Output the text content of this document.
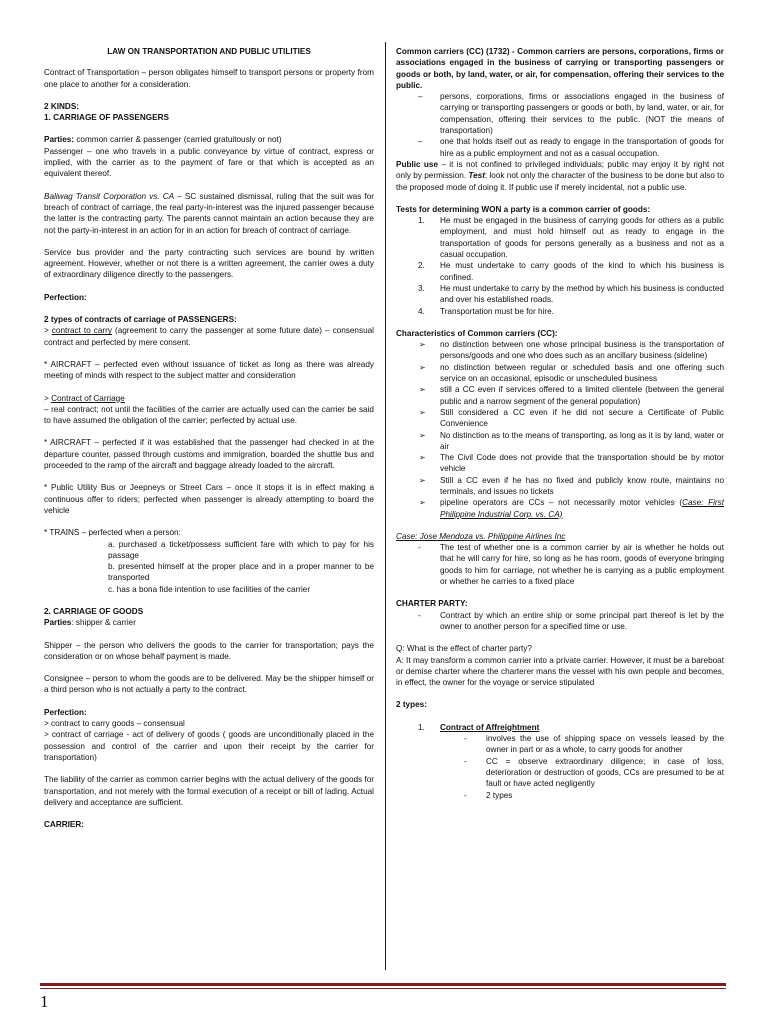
LAW ON TRANSPORTATION AND PUBLIC UTILITIES

Contract of Transportation – person obligates himself to transport persons or property from one place to another for a consideration.

2 KINDS:

1. CARRIAGE OF PASSENGERS

Parties: common carrier & passenger (carried gratuitously or not)

Passenger – one who travels in a public conveyance by virtue of contract, express or implied, with the carrier as to the payment of fare or that which is accepted as an equivalent thereof.

Baliwag Transit Corporation vs. CA – SC sustained dismissal, ruling that the suit was for breach of contract of carriage, the real party-in-interest was the injured passenger because the latter is the contracting party. The parents cannot maintain an action because they are not the party-in-interest in an action for in an action for breach of contract of carriage.

Service bus provider and the party contracting such services are bound by written agreement. However, whether or not there is a written agreement, the carrier owes a duty of extraordinary diligence directly to the passengers.

Perfection:

2 types of contracts of carriage of PASSENGERS:

> contract to carry (agreement to carry the passenger at some future date) – consensual contract and perfected by mere consent.

* AIRCRAFT – perfected even without issuance of ticket as long as there was already meeting of minds with respect to the subject matter and consideration

> Contract of Carriage

– real contract; not until the facilities of the carrier are actually used can the carrier be said to have assumed the obligation of the carrier; perfected by actual use.

* AIRCRAFT – perfected if it was established that the passenger had checked in at the departure counter, passed through customs and immigration, boarded the shuttle bus and proceeded to the ramp of the aircraft and baggage already loaded to the aircraft.

* Public Utility Bus or Jeepneys or Street Cars – once it stops it is in effect making a continuous offer to riders; perfected when passenger is already attempting to board the vehicle

* TRAINS – perfected when a person:

a. purchased a ticket/possess sufficient fare with which to pay for his passage
b. presented himself at the proper place and in a proper manner to be transported
c. has a bona fide intention to use facilities of the carrier

2. CARRIAGE OF GOODS

Parties: shipper & carrier

Shipper – the person who delivers the goods to the carrier for transportation; pays the consideration or on whose behalf payment is made.

Consignee – person to whom the goods are to be delivered. May be the shipper himself or a third person who is not actually a party to the contract.

Perfection:

> contract to carry goods – consensual

> contract of carriage - act of delivery of goods ( goods are unconditionally placed in the possession and control of the carrier and upon their receipt by the carrier for transportation)

The liability of the carrier as common carrier begins with the actual delivery of the goods for transportation, and not merely with the formal execution of a receipt or bill of lading. Actual delivery and acceptance are sufficient.

CARRIER:

Common carriers (CC) (1732) - Common carriers are persons, corporations, firms or associations engaged in the business of carrying or transporting passengers or goods or both, by land, water, or air, for compensation, offering their services to the public.

– persons, corporations, firms or associations engaged in the business of carrying or transporting passengers or goods or both, by land, water, or air, for compensation, offering their services to the public. (NOT the means of transportation)
– one that holds itself out as ready to engage in the transportation of goods for hire as a public employment and not as a casual occupation.

Public use – it is not confined to privileged individuals; public may enjoy it by right not only by permission. Test: look not only the character of the business to be done but also to the proposed mode of doing it. If public use if merely incidental, not a public use.

Tests for determining WON a party is a common carrier of goods:

1. He must be engaged in the business of carrying goods for others as a public employment, and must hold himself out as ready to engage in the transportation of goods for persons generally as a business and not as a casual occupation.
2. He must undertake to carry goods of the kind to which his business is confined.
3. He must undertake to carry by the method by which his business is conducted and over his established roads.
4. Transportation must be for hire.

Characteristics of Common carriers (CC):

➢ no distinction between one whose principal business is the transportation of persons/goods and one who does such as an ancillary business (sideline)
➢ no distinction between regular or scheduled basis and one offering such service on an occasional, episodic or unscheduled business
➢ still a CC even if services offered to a limited clientele (between the general public and a narrow segment of the general population)
➢ Still considered a CC even if he did not secure a Certificate of Public Convenience
➢ No distinction as to the means of transporting, as long as it is by land, water or air
➢ The Civil Code does not provide that the transportation should be by motor vehicle
➢ Still a CC even if he has no fixed and publicly know route, maintains no terminals, and issues no tickets
➢ pipeline operators are CCs – not necessarily motor vehicles (Case: First Philippine Industrial Corp. vs. CA)

Case: Jose Mendoza vs. Philippine Airlines Inc

- The test of whether one is a common carrier by air is whether he holds out that he will carry for hire, so long as he has room, goods of everyone bringing goods to him for carriage, not whether he is carrying as a public employment or whether he carries to a fixed place

CHARTER PARTY:

- Contract by which an entire ship or some principal part thereof is let by the owner to another person for a specified time or use.

Q: What is the effect of charter party?

A: It may transform a common carrier into a private carrier. However, it must be a bareboat or demise charter where the charterer mans the vessel with his own people and becomes, in effect, the owner for the voyage or service stipulated

2 types:

1. Contract of Affreightment
- involves the use of shipping space on vessels leased by the owner in part or as a whole, to carry goods for another
- CC = observe extraordinary diligence; in case of loss, deterioration or destruction of goods, CCs are presumed to be at fault or have acted negligently
- 2 types
1
